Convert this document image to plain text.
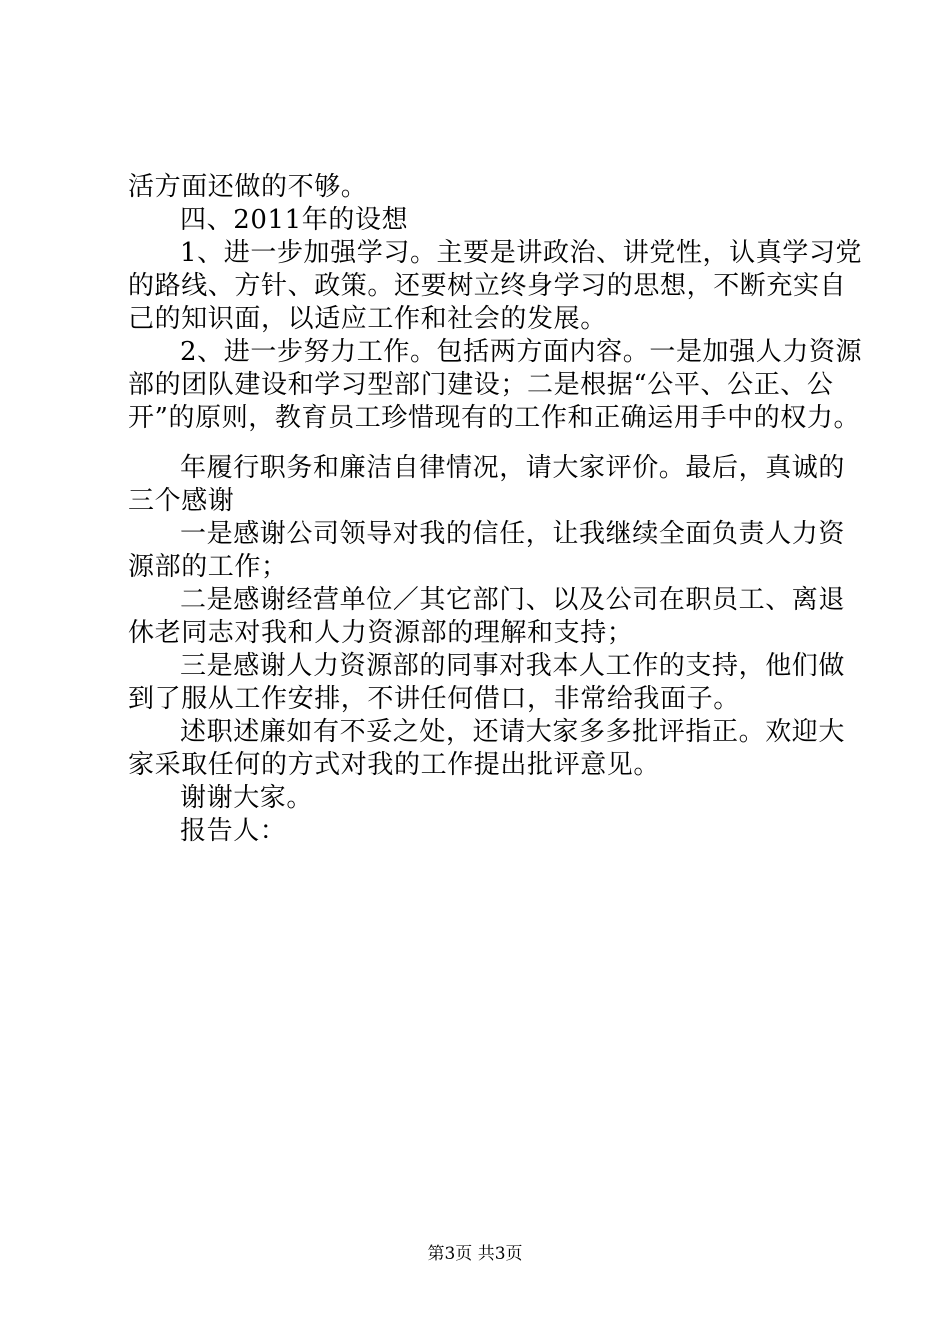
活方面还做的不够。
四、2011年的设想
1、进一步加强学习。主要是讲政治、讲党性，认真学习党
的路线、方针、政策。还要树立终身学习的思想，不断充实自
己的知识面，以适应工作和社会的发展。
2、进一步努力工作。包括两方面内容。一是加强人力资源
部的团队建设和学习型部门建设；二是根据“公平、公正、公
开”的原则，教育员工珍惜现有的工作和正确运用手中的权力。
年履行职务和廉洁自律情况，请大家评价。最后，真诚的
三个感谢
一是感谢公司领导对我的信任，让我继续全面负责人力资
源部的工作；
二是感谢经营单位／其它部门、以及公司在职员工、离退
休老同志对我和人力资源部的理解和支持；
三是感谢人力资源部的同事对我本人工作的支持，他们做
到了服从工作安排，不讲任何借口，非常给我面子。
述职述廉如有不妥之处，还请大家多多批评指正。欢迎大
家采取任何的方式对我的工作提出批评意见。
谢谢大家。
报告人：
第3页 共3页
